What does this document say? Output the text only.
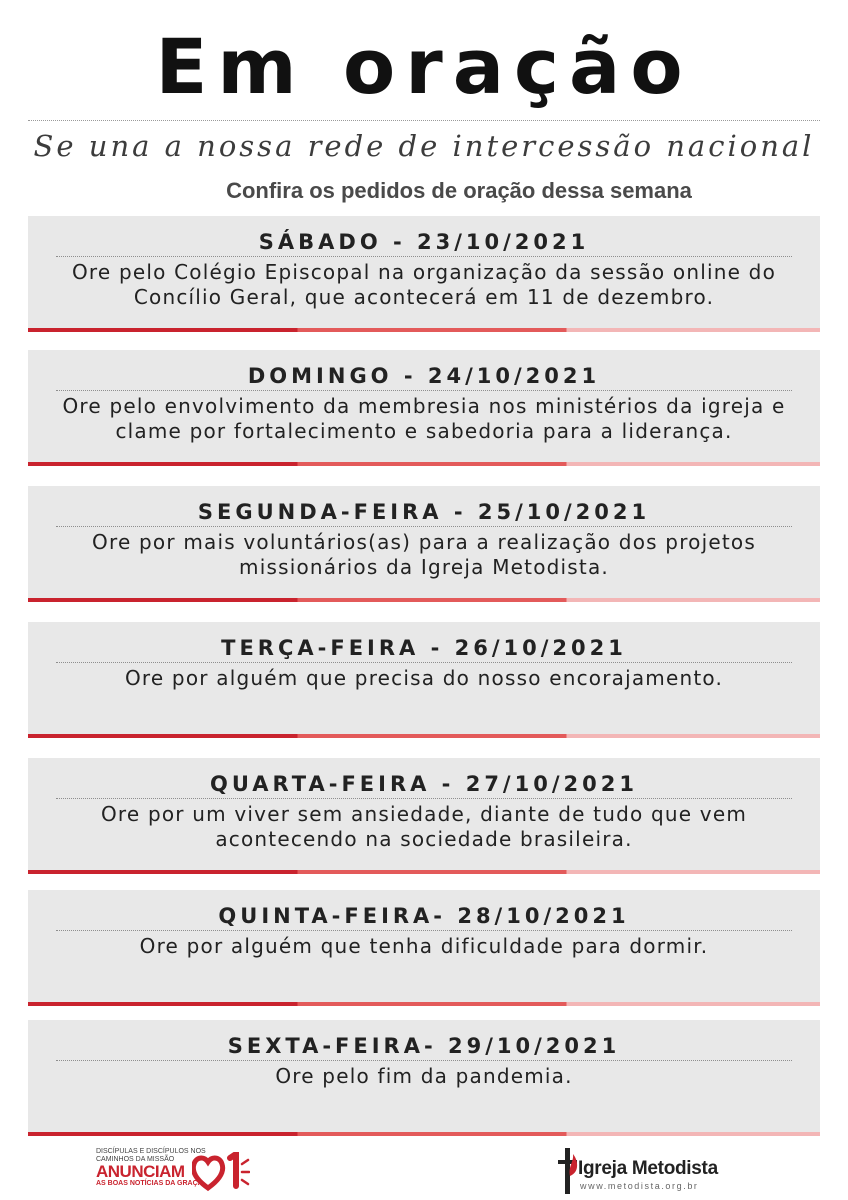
Em oração
Se una a nossa rede de intercessão nacional
Confira os pedidos de oração dessa semana
SÁBADO - 23/10/2021
Ore pelo Colégio Episcopal na organização da sessão online do Concílio Geral, que acontecerá em 11 de dezembro.
DOMINGO - 24/10/2021
Ore pelo envolvimento da membresia nos ministérios da igreja e clame por fortalecimento e sabedoria para a liderança.
SEGUNDA-FEIRA - 25/10/2021
Ore por mais voluntários(as) para a realização dos projetos missionários da Igreja Metodista.
TERÇA-FEIRA - 26/10/2021
Ore por alguém que precisa do nosso encorajamento.
QUARTA-FEIRA - 27/10/2021
Ore por um viver sem ansiedade, diante de tudo que vem acontecendo na sociedade brasileira.
QUINTA-FEIRA- 28/10/2021
Ore por alguém que tenha dificuldade para dormir.
SEXTA-FEIRA- 29/10/2021
Ore pelo fim da pandemia.
DISCÍPULAS E DISCÍPULOS NOS
CAMINHOS DA MISSÃO
ANUNCIAM
AS BOAS NOTÍCIAS DA GRAÇA
Igreja Metodista
www.metodista.org.br
